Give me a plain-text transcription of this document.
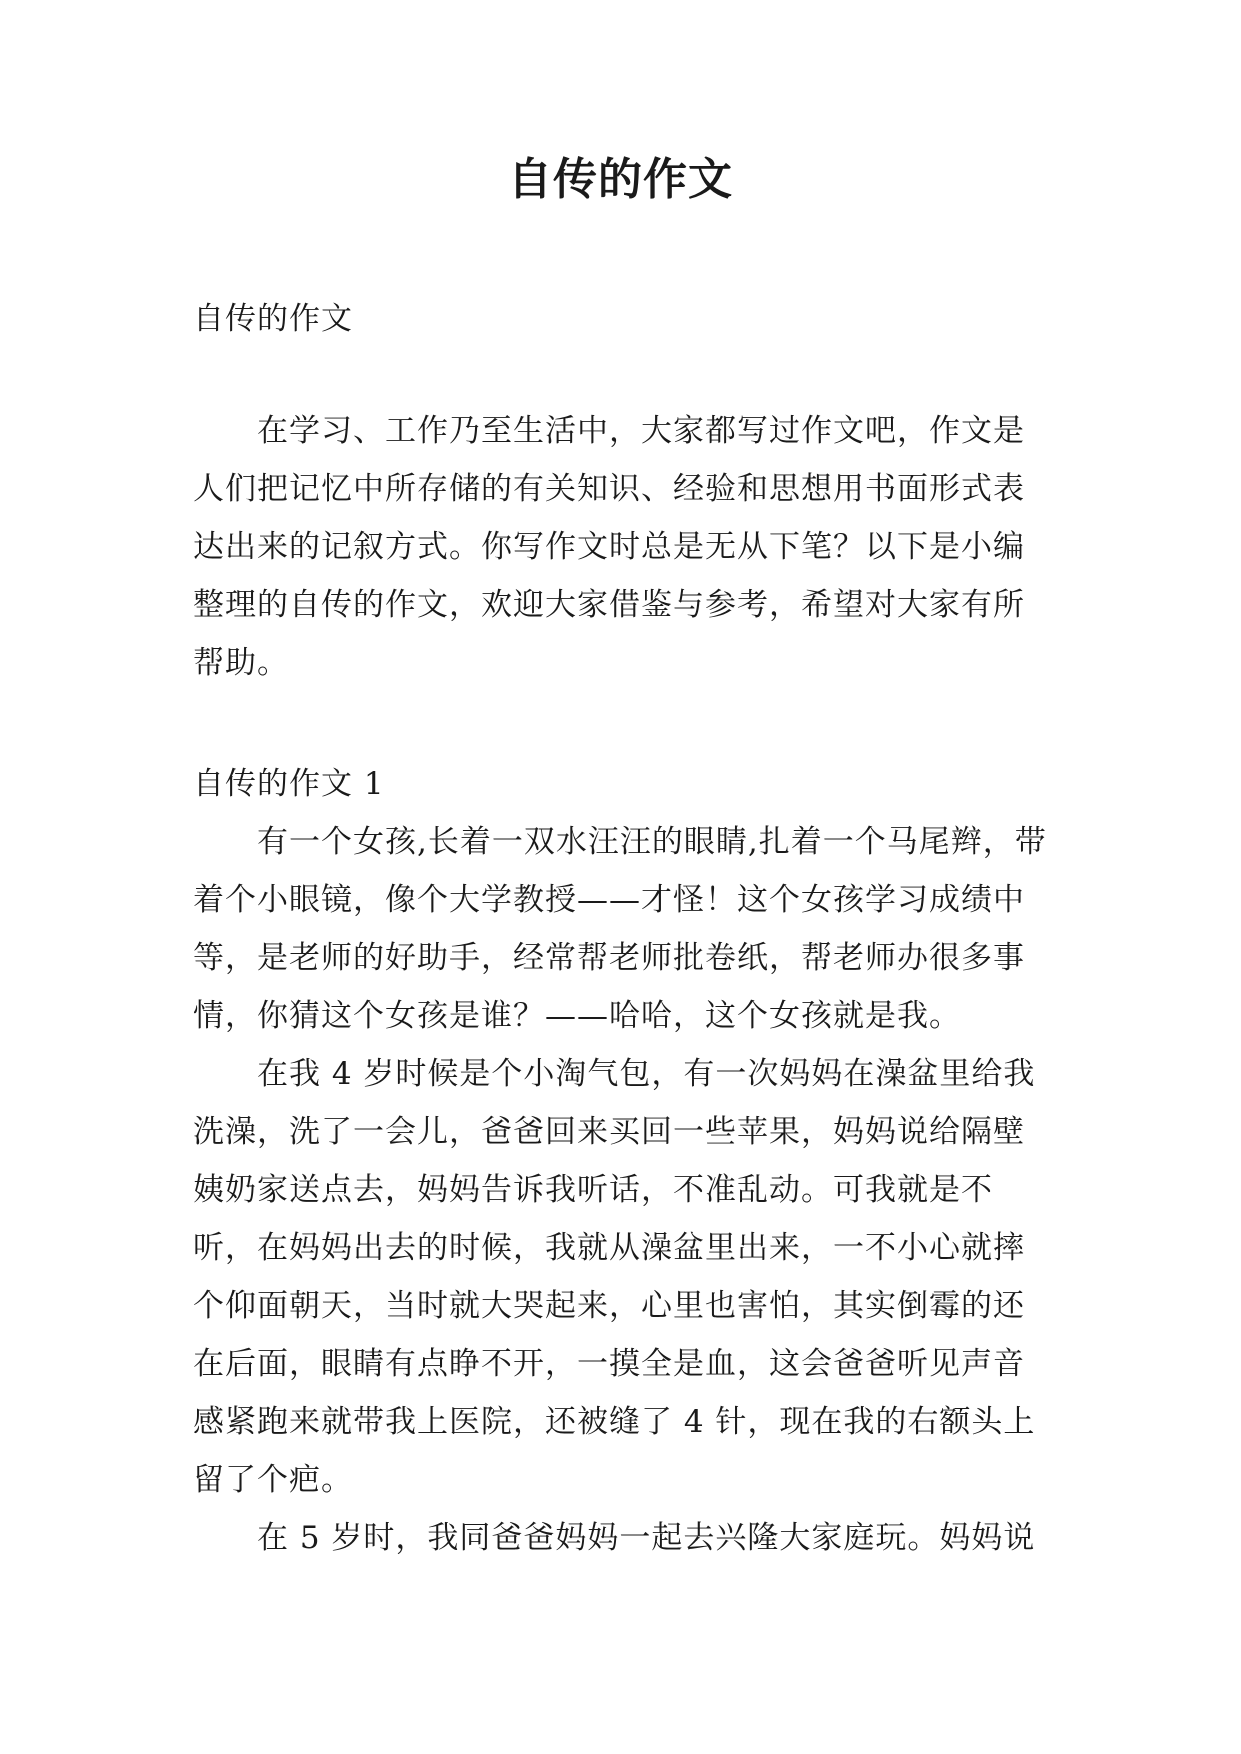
自传的作文

自传的作文

在学习、工作乃至生活中，大家都写过作文吧，作文是人们把记忆中所存储的有关知识、经验和思想用书面形式表达出来的记叙方式。你写作文时总是无从下笔？以下是小编整理的自传的作文，欢迎大家借鉴与参考，希望对大家有所帮助。

自传的作文 1

有一个女孩,长着一双水汪汪的眼睛,扎着一个马尾辫，带着个小眼镜，像个大学教授——才怪！这个女孩学习成绩中等，是老师的好助手，经常帮老师批卷纸，帮老师办很多事情，你猜这个女孩是谁？——哈哈，这个女孩就是我。

在我 4 岁时候是个小淘气包，有一次妈妈在澡盆里给我洗澡，洗了一会儿，爸爸回来买回一些苹果，妈妈说给隔壁姨奶家送点去，妈妈告诉我听话，不准乱动。可我就是不听，在妈妈出去的时候，我就从澡盆里出来，一不小心就摔个仰面朝天，当时就大哭起来，心里也害怕，其实倒霉的还在后面，眼睛有点睁不开，一摸全是血，这会爸爸听见声音感紧跑来就带我上医院，还被缝了 4 针，现在我的右额头上留了个疤。

在 5 岁时，我同爸爸妈妈一起去兴隆大家庭玩。妈妈说
